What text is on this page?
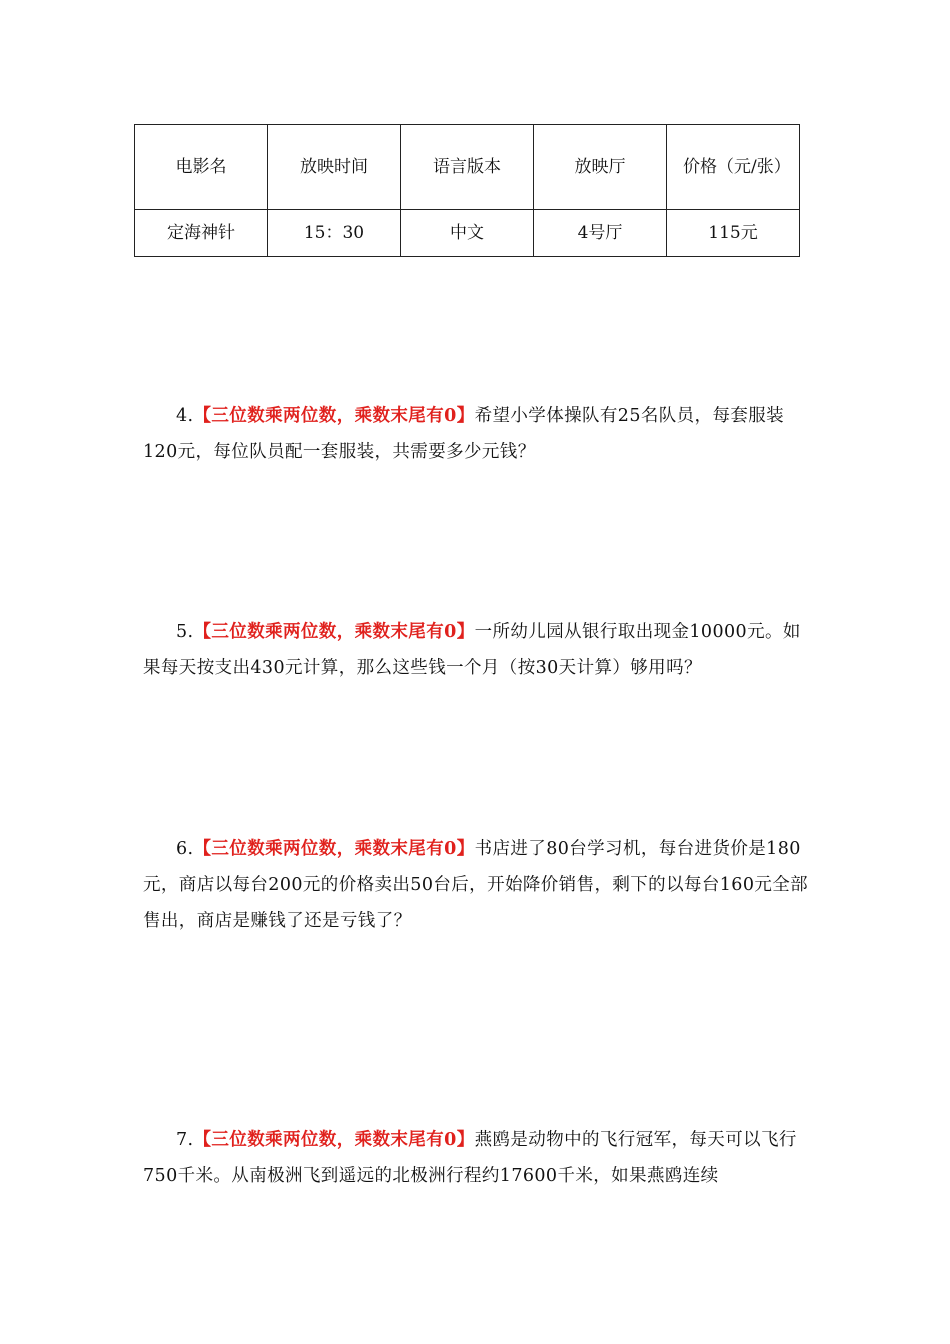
电影名	放映时间	语言版本	放映厅	价格（元/张）
定海神针	15：30	中文	4号厅	115元

4.【三位数乘两位数，乘数末尾有0】希望小学体操队有25名队员，每套服装120元，每位队员配一套服装，共需要多少元钱？

5.【三位数乘两位数，乘数末尾有0】一所幼儿园从银行取出现金10000元。如果每天按支出430元计算，那么这些钱一个月（按30天计算）够用吗？

6.【三位数乘两位数，乘数末尾有0】书店进了80台学习机，每台进货价是180元，商店以每台200元的价格卖出50台后，开始降价销售，剩下的以每台160元全部售出，商店是赚钱了还是亏钱了？

7.【三位数乘两位数，乘数末尾有0】燕鸥是动物中的飞行冠军，每天可以飞行750千米。从南极洲飞到遥远的北极洲行程约17600千米，如果燕鸥连续
